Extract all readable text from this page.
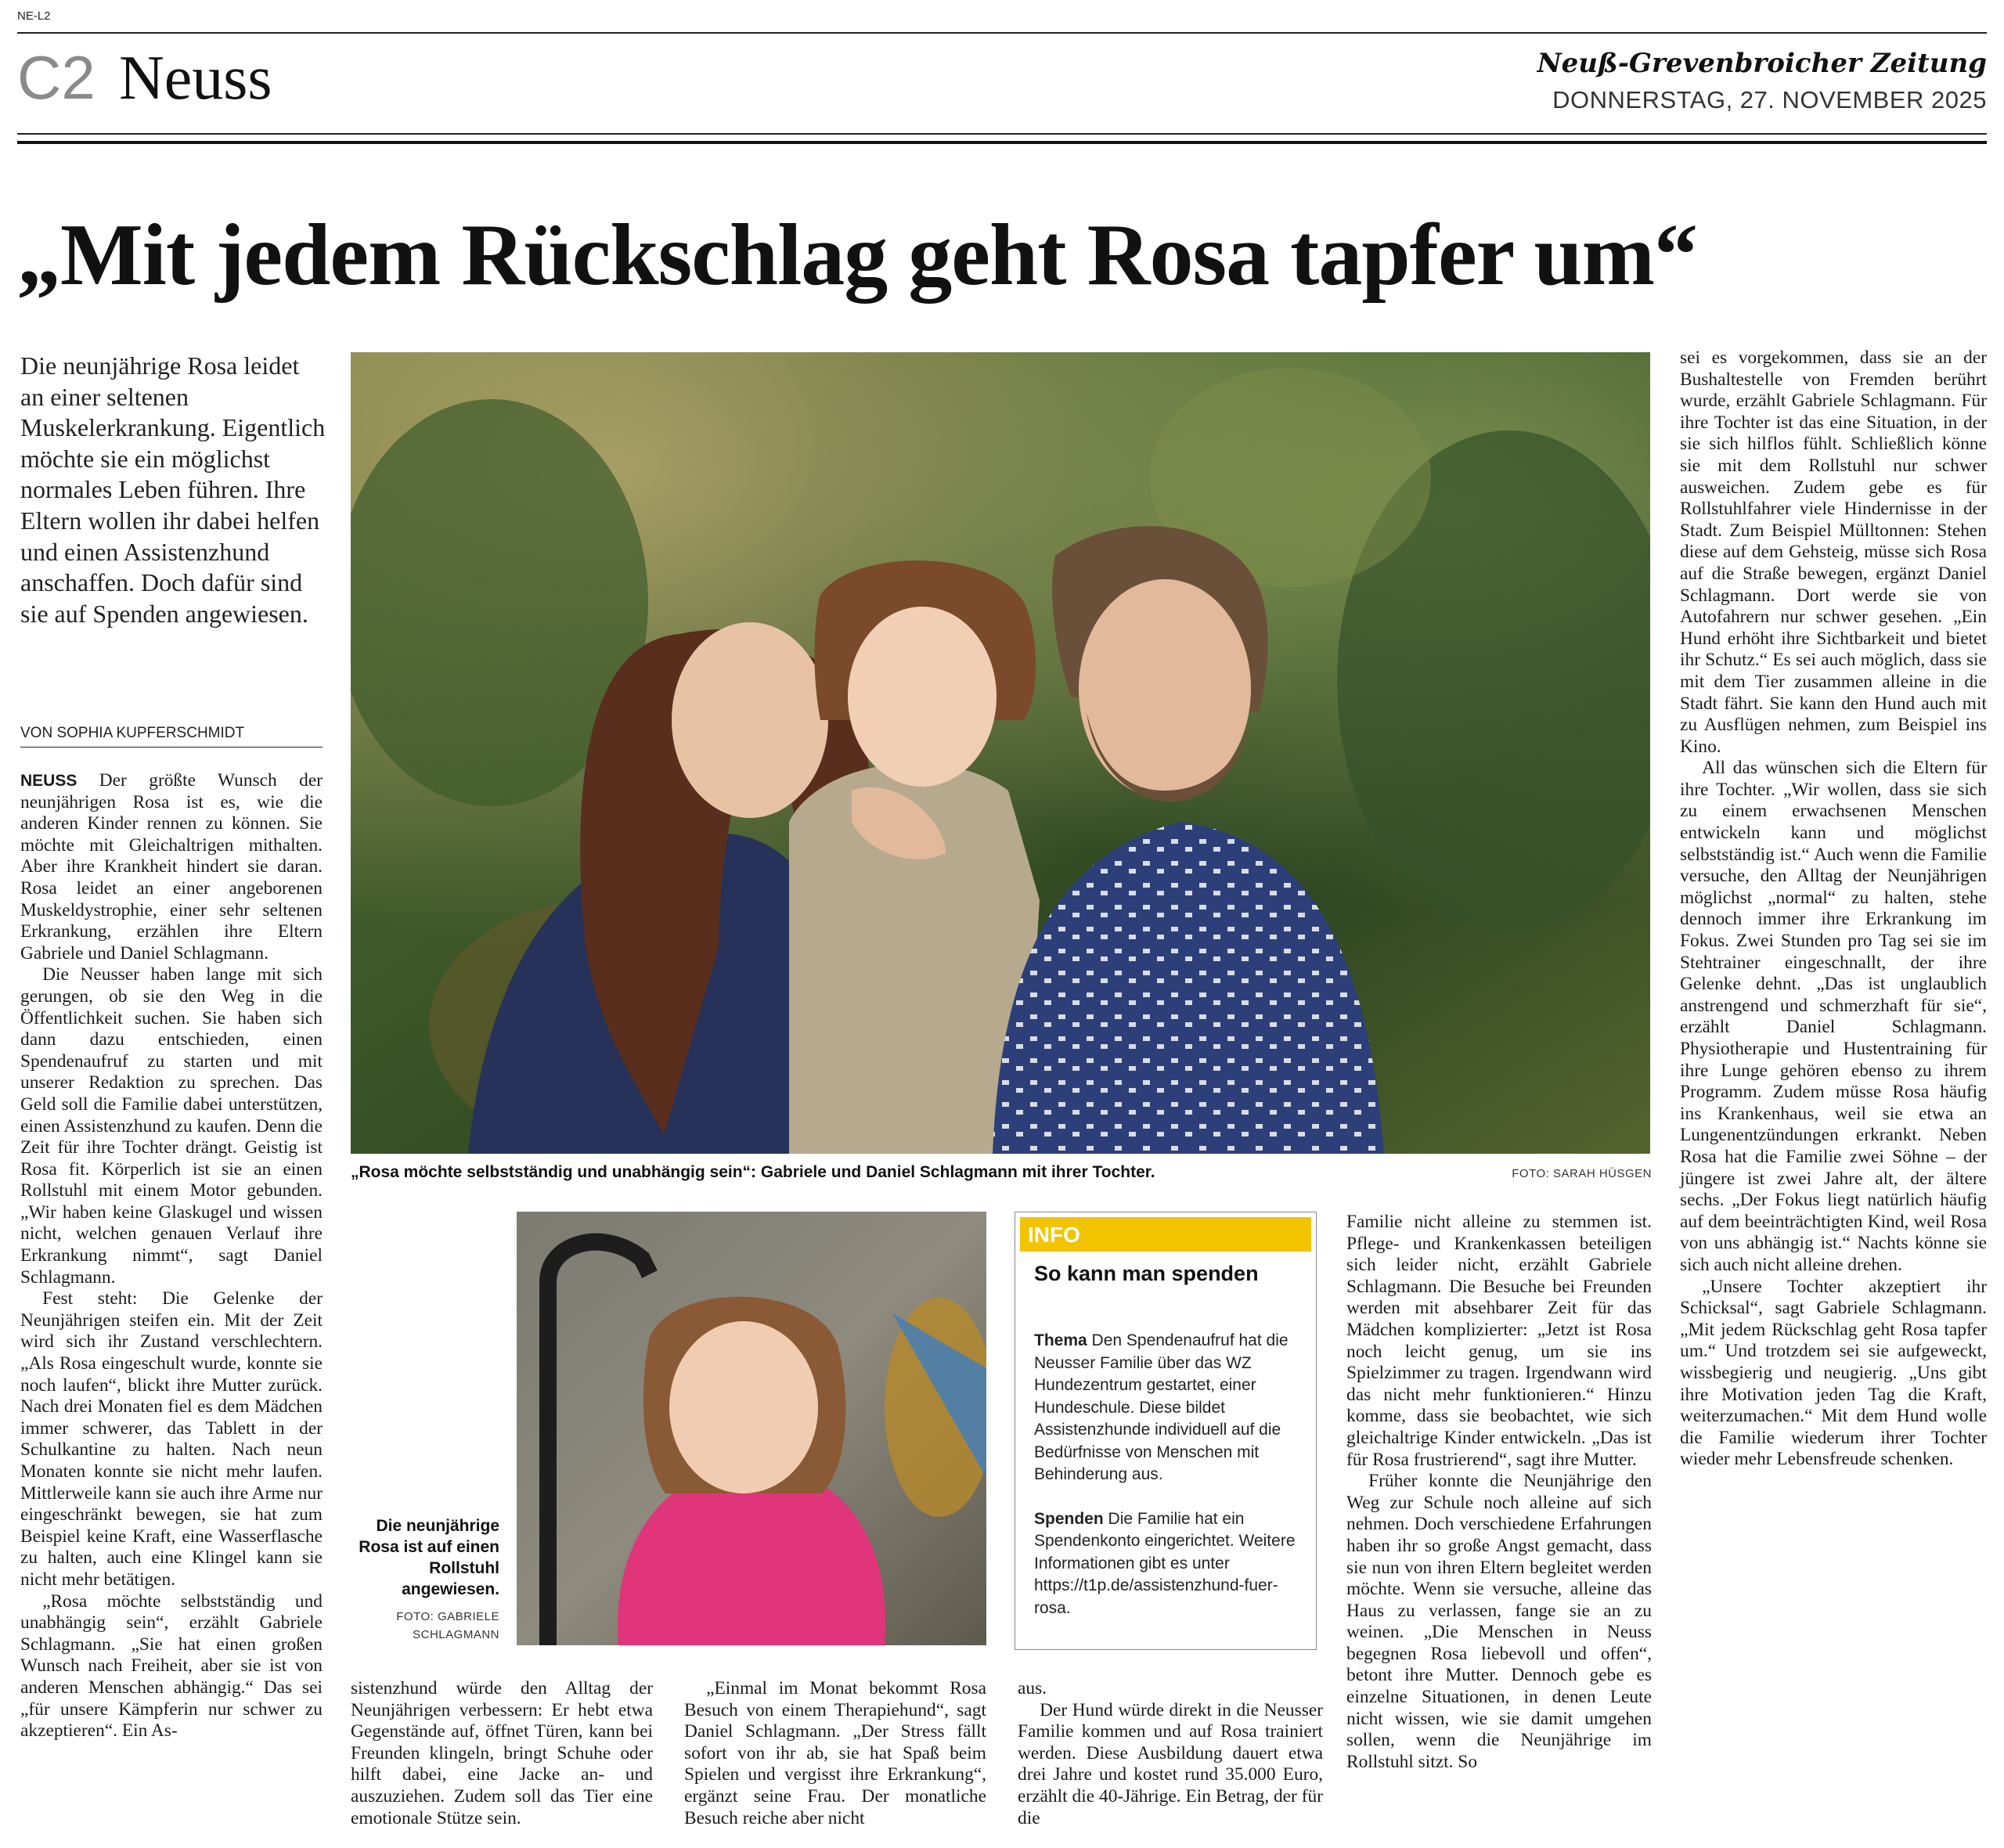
NE-L2
C2 Neuss	Neuß-Grevenbroicher Zeitung
DONNERSTAG, 27. NOVEMBER 2025
„Mit jedem Rückschlag geht Rosa tapfer um“
Die neunjährige Rosa leidet an einer seltenen Muskelerkrankung. Eigentlich möchte sie ein möglichst normales Leben führen. Ihre Eltern wollen ihr dabei helfen und einen Assistenzhund anschaffen. Doch dafür sind sie auf Spenden angewiesen.
VON SOPHIA KUPFERSCHMIDT

NEUSS Der größte Wunsch der neunjährigen Rosa ist es, wie die anderen Kinder rennen zu können. Sie möchte mit Gleichaltrigen mithalten. Aber ihre Krankheit hindert sie daran. Rosa leidet an einer angeborenen Muskeldystrophie, einer sehr seltenen Erkrankung, erzählen ihre Eltern Gabriele und Daniel Schlagmann.

Die Neusser haben lange mit sich gerungen, ob sie den Weg in die Öffentlichkeit suchen. Sie haben sich dann dazu entschieden, einen Spendenaufruf zu starten und mit unserer Redaktion zu sprechen. Das Geld soll die Familie dabei unterstützen, einen Assistenzhund zu kaufen. Denn die Zeit für ihre Tochter drängt. Geistig ist Rosa fit. Körperlich ist sie an einen Rollstuhl mit einem Motor gebunden. „Wir haben keine Glaskugel und wissen nicht, welchen genauen Verlauf ihre Erkrankung nimmt“, sagt Daniel Schlagmann.

Fest steht: Die Gelenke der Neunjährigen steifen ein. Mit der Zeit wird sich ihr Zustand verschlechtern. „Als Rosa eingeschult wurde, konnte sie noch laufen“, blickt ihre Mutter zurück. Nach drei Monaten fiel es dem Mädchen immer schwerer, das Tablett in der Schulkantine zu halten. Nach neun Monaten konnte sie nicht mehr laufen. Mittlerweile kann sie auch ihre Arme nur eingeschränkt bewegen, sie hat zum Beispiel keine Kraft, eine Wasserflasche zu halten, auch eine Klingel kann sie nicht mehr betätigen.

„Rosa möchte selbstständig und unabhängig sein“, erzählt Gabriele Schlagmann. „Sie hat einen großen Wunsch nach Freiheit, aber sie ist von anderen Menschen abhängig.“ Das sei „für unsere Kämpferin nur schwer zu akzeptieren“. Ein As-

„Rosa möchte selbstständig und unabhängig sein“: Gabriele und Daniel Schlagmann mit ihrer Tochter.	FOTO: SARAH HÜSGEN
Die neunjährige Rosa ist auf einen Rollstuhl angewiesen.
FOTO: GABRIELE SCHLAGMANN
INFO
So kann man spenden

Thema Den Spendenaufruf hat die Neusser Familie über das WZ Hundezentrum gestartet, einer Hundeschule. Diese bildet Assistenzhunde individuell auf die Bedürfnisse von Menschen mit Behinderung aus.

Spenden Die Familie hat ein Spendenkonto eingerichtet. Weitere Informationen gibt es unter
https://t1p.de/assistenzhund-fuer-rosa.

Familie nicht alleine zu stemmen ist. Pflege- und Krankenkassen beteiligen sich leider nicht, erzählt Gabriele Schlagmann. Die Besuche bei Freunden werden mit absehbarer Zeit für das Mädchen komplizierter: „Jetzt ist Rosa noch leicht genug, um sie ins Spielzimmer zu tragen. Irgendwann wird das nicht mehr funktionieren.“ Hinzu komme, dass sie beobachtet, wie sich gleichaltrige Kinder entwickeln. „Das ist für Rosa frustrierend“, sagt ihre Mutter.

Früher konnte die Neunjährige den Weg zur Schule noch alleine auf sich nehmen. Doch verschiedene Erfahrungen haben ihr so große Angst gemacht, dass sie nun von ihren Eltern begleitet werden möchte. Wenn sie versuche, alleine das Haus zu verlassen, fange sie an zu weinen. „Die Menschen in Neuss begegnen Rosa liebevoll und offen“, betont ihre Mutter. Dennoch gebe es einzelne Situationen, in denen Leute nicht wissen, wie sie damit umgehen sollen, wenn die Neunjährige im Rollstuhl sitzt. So

sistenzhund würde den Alltag der Neunjährigen verbessern: Er hebt etwa Gegenstände auf, öffnet Türen, kann bei Freunden klingeln, bringt Schuhe oder hilft dabei, eine Jacke an- und auszuziehen. Zudem soll das Tier eine emotionale Stütze sein.

„Einmal im Monat bekommt Rosa Besuch von einem Therapiehund“, sagt Daniel Schlagmann. „Der Stress fällt sofort von ihr ab, sie hat Spaß beim Spielen und vergisst ihre Erkrankung“, ergänzt seine Frau. Der monatliche Besuch reiche aber nicht

aus.

Der Hund würde direkt in die Neusser Familie kommen und auf Rosa trainiert werden. Diese Ausbildung dauert etwa drei Jahre und kostet rund 35.000 Euro, erzählt die 40-Jährige. Ein Betrag, der für die

sei es vorgekommen, dass sie an der Bushaltestelle von Fremden berührt wurde, erzählt Gabriele Schlagmann. Für ihre Tochter ist das eine Situation, in der sie sich hilflos fühlt. Schließlich könne sie mit dem Rollstuhl nur schwer ausweichen. Zudem gebe es für Rollstuhlfahrer viele Hindernisse in der Stadt. Zum Beispiel Mülltonnen: Stehen diese auf dem Gehsteig, müsse sich Rosa auf die Straße bewegen, ergänzt Daniel Schlagmann. Dort werde sie von Autofahrern nur schwer gesehen. „Ein Hund erhöht ihre Sichtbarkeit und bietet ihr Schutz.“ Es sei auch möglich, dass sie mit dem Tier zusammen alleine in die Stadt fährt. Sie kann den Hund auch mit zu Ausflügen nehmen, zum Beispiel ins Kino.

All das wünschen sich die Eltern für ihre Tochter. „Wir wollen, dass sie sich zu einem erwachsenen Menschen entwickeln kann und möglichst selbstständig ist.“ Auch wenn die Familie versuche, den Alltag der Neunjährigen möglichst „normal“ zu halten, stehe dennoch immer ihre Erkrankung im Fokus. Zwei Stunden pro Tag sei sie im Stehtrainer eingeschnallt, der ihre Gelenke dehnt. „Das ist unglaublich anstrengend und schmerzhaft für sie“, erzählt Daniel Schlagmann. Physiotherapie und Hustentraining für ihre Lunge gehören ebenso zu ihrem Programm. Zudem müsse Rosa häufig ins Krankenhaus, weil sie etwa an Lungenentzündungen erkrankt. Neben Rosa hat die Familie zwei Söhne – der jüngere ist zwei Jahre alt, der ältere sechs. „Der Fokus liegt natürlich häufig auf dem beeinträchtigten Kind, weil Rosa von uns abhängig ist.“ Nachts könne sie sich auch nicht alleine drehen.

„Unsere Tochter akzeptiert ihr Schicksal“, sagt Gabriele Schlagmann. „Mit jedem Rückschlag geht Rosa tapfer um.“ Und trotzdem sei sie aufgeweckt, wissbegierig und neugierig. „Uns gibt ihre Motivation jeden Tag die Kraft, weiterzumachen.“ Mit dem Hund wolle die Familie wiederum ihrer Tochter wieder mehr Lebensfreude schenken.
